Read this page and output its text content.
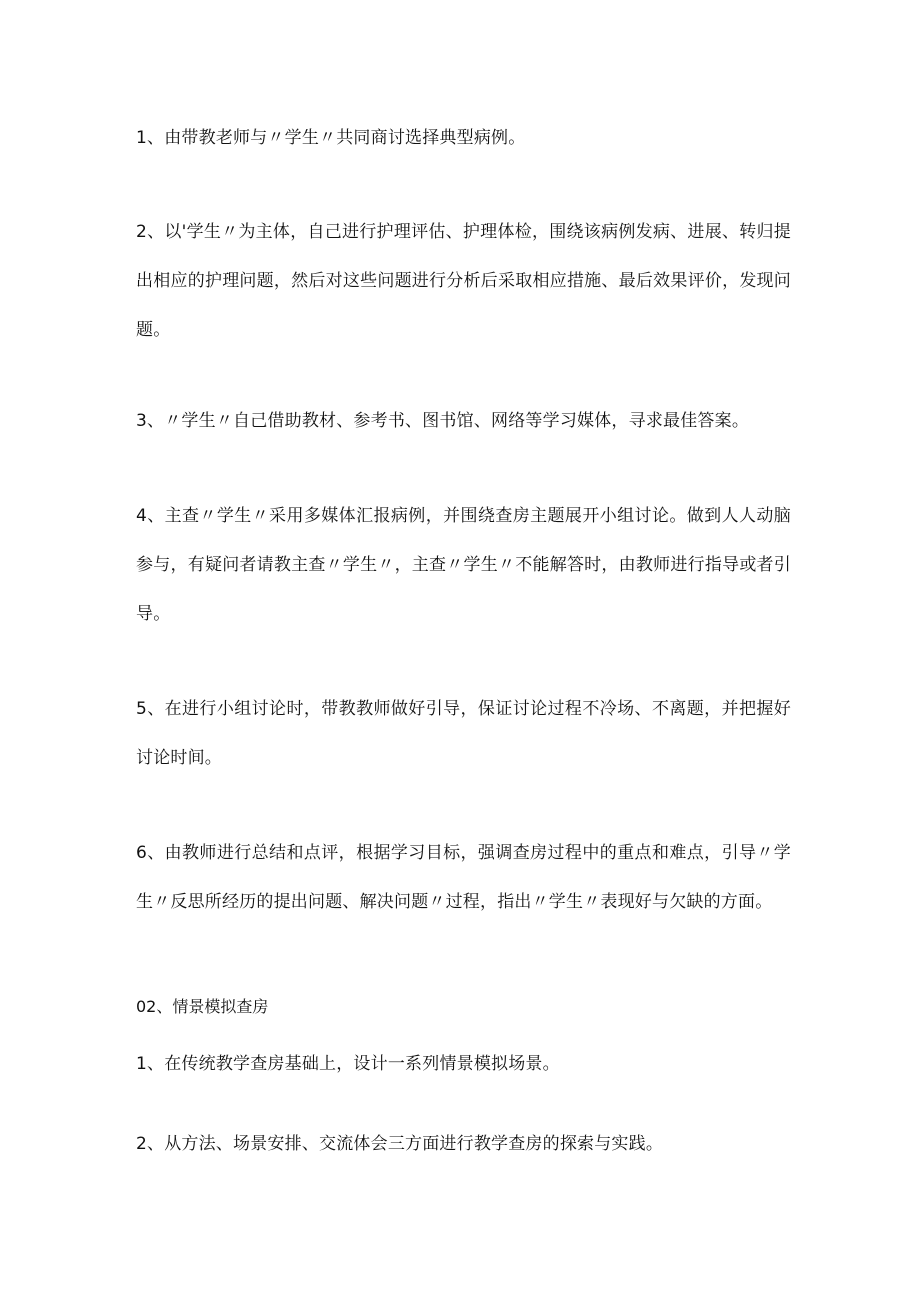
1、由带教老师与〃学生〃共同商讨选择典型病例。

2、以'学生〃为主体，自己进行护理评估、护理体检，围绕该病例发病、进展、转归提出相应的护理问题，然后对这些问题进行分析后采取相应措施、最后效果评价，发现问题。

3、〃学生〃自己借助教材、参考书、图书馆、网络等学习媒体，寻求最佳答案。

4、主查〃学生〃采用多媒体汇报病例，并围绕查房主题展开小组讨论。做到人人动脑参与，有疑问者请教主查〃学生〃，主查〃学生〃不能解答时，由教师进行指导或者引导。

5、在进行小组讨论时，带教教师做好引导，保证讨论过程不冷场、不离题，并把握好讨论时间。

6、由教师进行总结和点评，根据学习目标，强调查房过程中的重点和难点，引导〃学生〃反思所经历的提出问题、解决问题〃过程，指出〃学生〃表现好与欠缺的方面。

02、情景模拟查房

1、在传统教学查房基础上，设计一系列情景模拟场景。

2、从方法、场景安排、交流体会三方面进行教学查房的探索与实践。
